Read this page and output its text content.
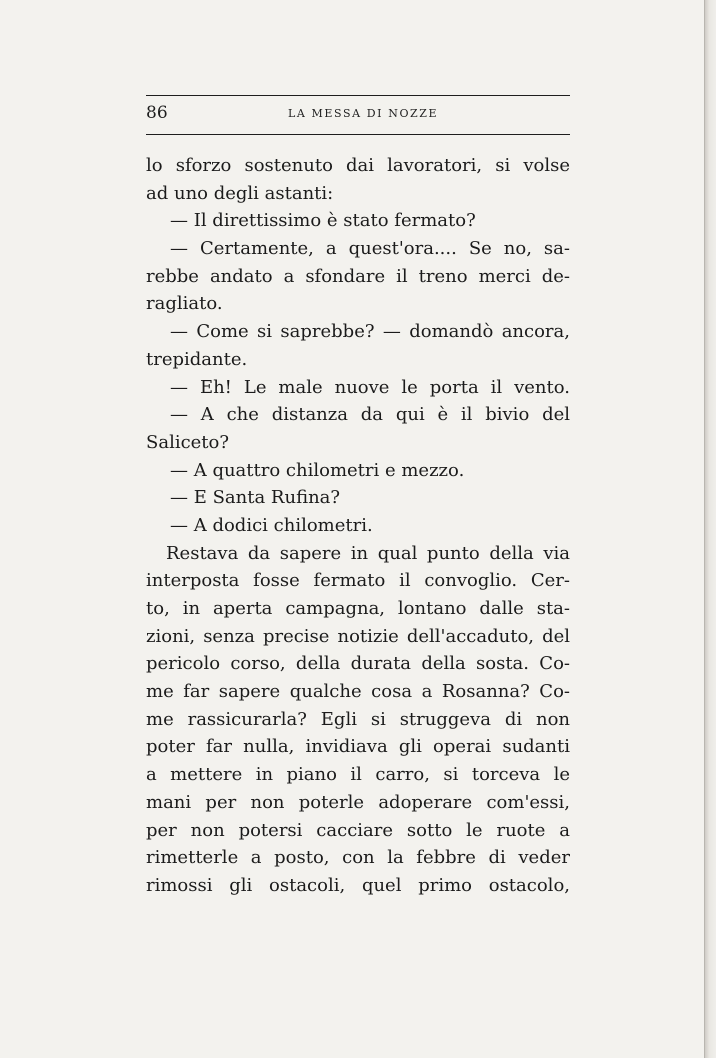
86	LA MESSA DI NOZZE
lo sforzo sostenuto dai lavoratori, si volse
ad uno degli astanti:
— Il direttissimo è stato fermato?
— Certamente, a quest'ora.... Se no, sa-
rebbe andato a sfondare il treno merci de-
ragliato.
— Come si saprebbe? — domandò ancora,
trepidante.
— Eh! Le male nuove le porta il vento.
— A che distanza da qui è il bivio del
Saliceto?
— A quattro chilometri e mezzo.
— E Santa Rufina?
— A dodici chilometri.
Restava da sapere in qual punto della via
interposta fosse fermato il convoglio. Cer-
to, in aperta campagna, lontano dalle sta-
zioni, senza precise notizie dell'accaduto, del
pericolo corso, della durata della sosta. Co-
me far sapere qualche cosa a Rosanna? Co-
me rassicurarla? Egli si struggeva di non
poter far nulla, invidiava gli operai sudanti
a mettere in piano il carro, si torceva le
mani per non poterle adoperare com'essi,
per non potersi cacciare sotto le ruote a
rimetterle a posto, con la febbre di veder
rimossi gli ostacoli, quel primo ostacolo,
